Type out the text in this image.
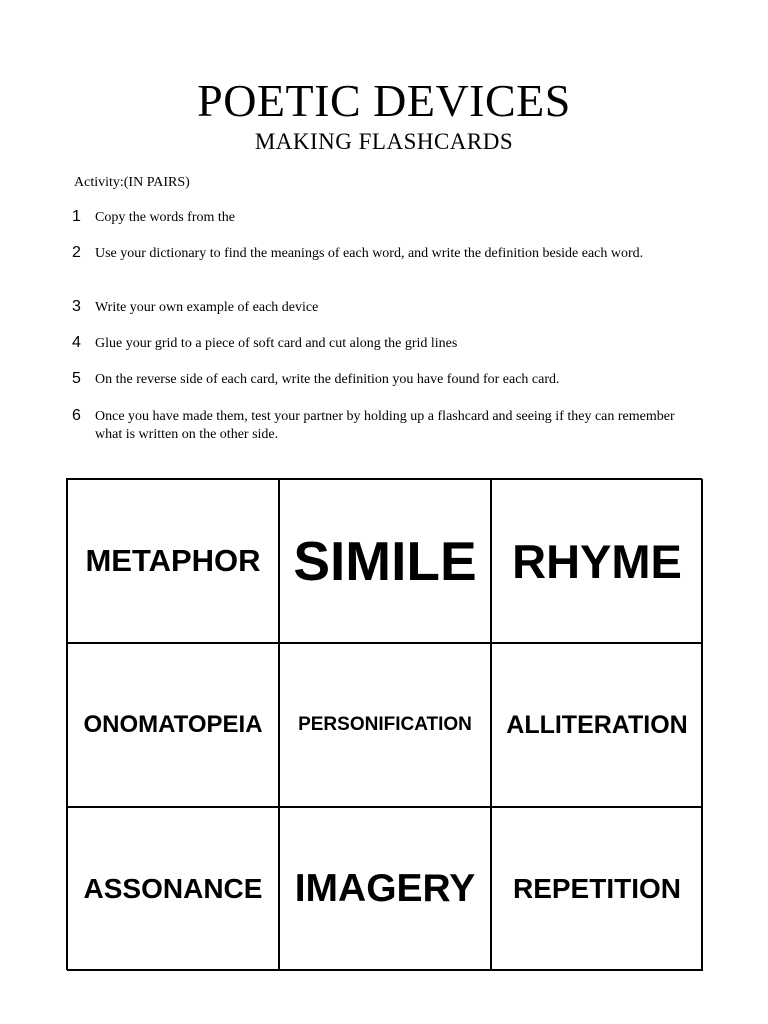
POETIC DEVICES
MAKING FLASHCARDS
Activity:(IN PAIRS)
1 Copy the words from the
2 Use your dictionary to find the meanings of each word, and write the definition beside each word.
3 Write your own example of each device
4 Glue your grid to a piece of soft card and cut along the grid lines
5 On the reverse side of each card, write the definition you have found for each card.
6 Once you have made them, test your partner by holding up a flashcard and seeing if they can remember what is written on the other side.
METAPHOR SIMILE RHYME
ONOMATOPEIA	PERSONIFICATION	ALLITERATION
ASSONANCE IMAGERY	REPETITION
